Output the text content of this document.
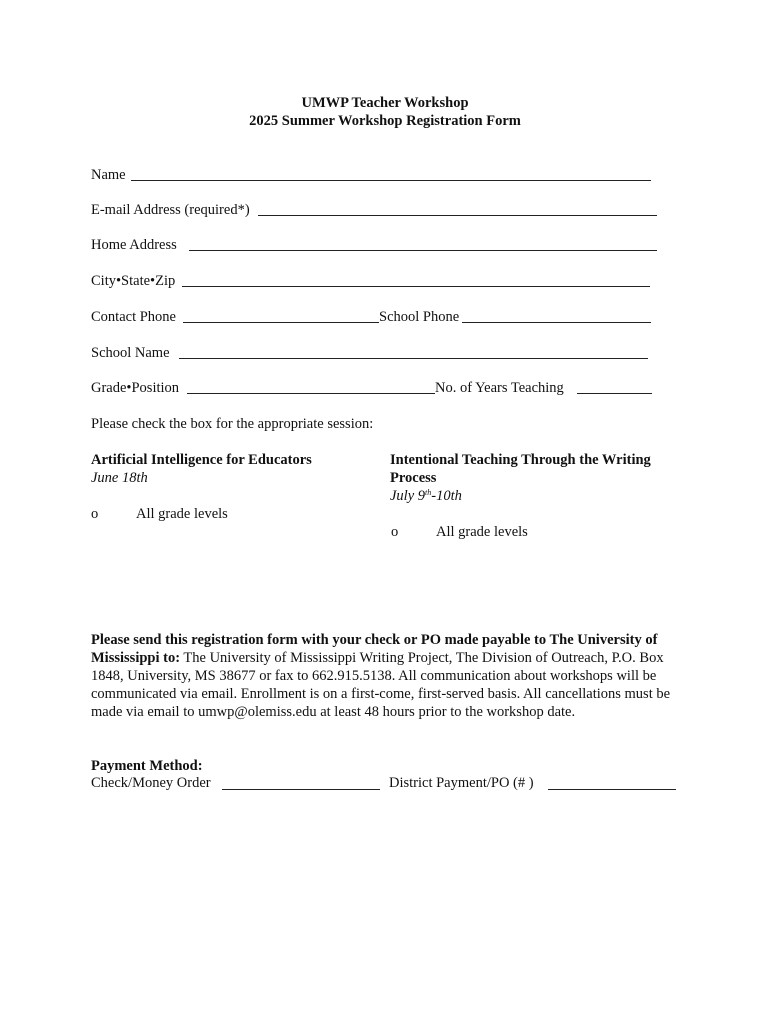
UMWP Teacher Workshop
2025 Summer Workshop Registration Form
Name
E-mail Address (required*)
Home Address
City•State•Zip
Contact Phone	School Phone
School Name
Grade•Position	No. of Years Teaching
Please check the box for the appropriate session:
Artificial Intelligence for Educators
June 18th
o	All grade levels
Intentional Teaching Through the Writing Process
July 9th-10th
o	All grade levels
Please send this registration form with your check or PO made payable to The University of Mississippi to: The University of Mississippi Writing Project, The Division of Outreach, P.O. Box 1848, University, MS 38677 or fax to 662.915.5138. All communication about workshops will be communicated via email. Enrollment is on a first-come, first-served basis. All cancellations must be made via email to umwp@olemiss.edu at least 48 hours prior to the workshop date.
Payment Method:
Check/Money Order	District Payment/PO (# )
